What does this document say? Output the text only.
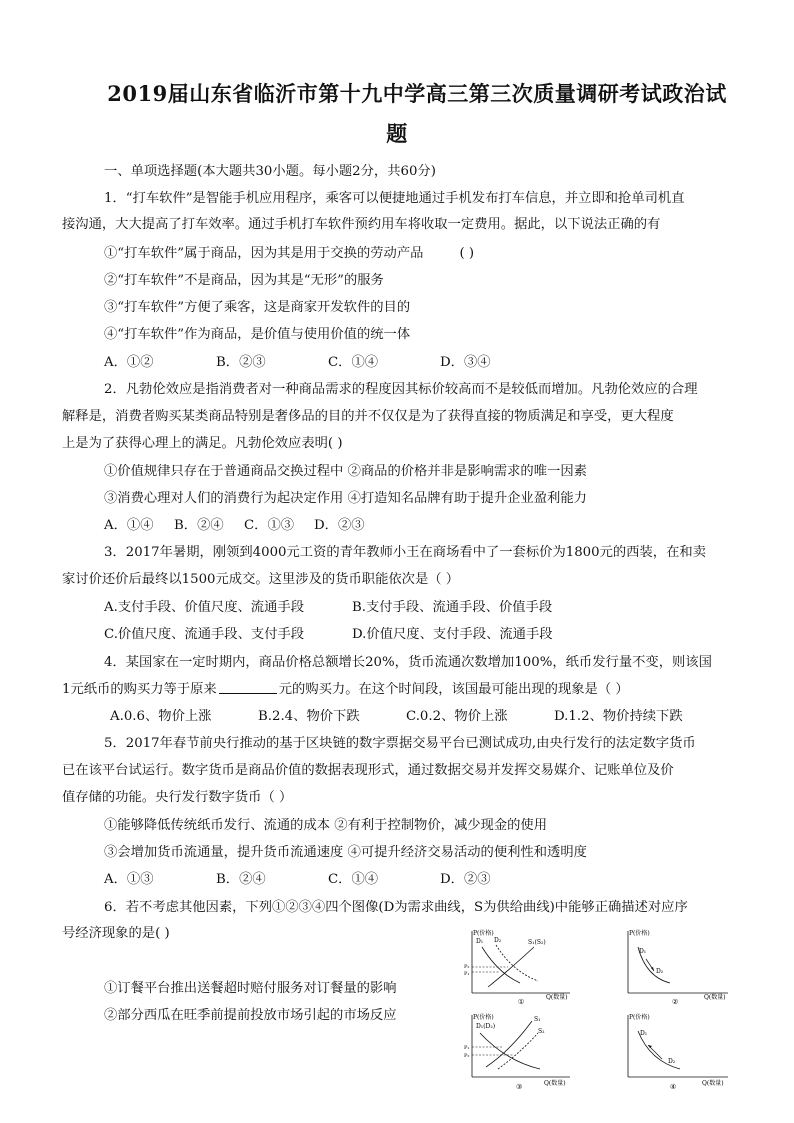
2019届山东省临沂市第十九中学高三第三次质量调研考试政治试
题
一、单项选择题(本大题共30小题。每小题2分，共60分)
1．“打车软件”是智能手机应用程序，乘客可以便捷地通过手机发布打车信息，并立即和抢单司机直
接沟通，大大提高了打车效率。通过手机打车软件预约用车将收取一定费用。据此，以下说法正确的有
①“打车软件”属于商品，因为其是用于交换的劳动产品	( )
②“打车软件”不是商品，因为其是“无形”的服务
③“打车软件”方便了乘客，这是商家开发软件的目的
④“打车软件”作为商品，是价值与使用价值的统一体
A．①②	B．②③	C．①④	D．③④
2．凡勃伦效应是指消费者对一种商品需求的程度因其标价较高而不是较低而增加。凡勃伦效应的合理
解释是，消费者购买某类商品特别是奢侈品的目的并不仅仅是为了获得直接的物质满足和享受，更大程度
上是为了获得心理上的满足。凡勃伦效应表明( )
①价值规律只存在于普通商品交换过程中 ②商品的价格并非是影响需求的唯一因素
③消费心理对人们的消费行为起决定作用 ④打造知名品牌有助于提升企业盈利能力
A．①④ B．②④ C．①③ D．②③
3．2017年暑期，刚领到4000元工资的青年教师小王在商场看中了一套标价为1800元的西装，在和卖
家讨价还价后最终以1500元成交。这里涉及的货币职能依次是（ ）
A.支付手段、价值尺度、流通手段	B.支付手段、流通手段、价值手段
C.价值尺度、流通手段、支付手段	D.价值尺度、支付手段、流通手段
4．某国家在一定时期内，商品价格总额增长20%，货币流通次数增加100%，纸币发行量不变，则该国
1元纸币的购买力等于原来	元的购买力。在这个时间段，该国最可能出现的现象是（ ）
A.0.6、物价上涨	B.2.4、物价下跌	C.0.2、物价上涨	D.1.2、物价持续下跌
5．2017年春节前央行推动的基于区块链的数字票据交易平台已测试成功,由央行发行的法定数字货币
已在该平台试运行。数字货币是商品价值的数据表现形式，通过数据交易并发挥交易媒介、记账单位及价
值存储的功能。央行发行数字货币（ ）
①能够降低传统纸币发行、流通的成本 ②有利于控制物价，减少现金的使用
③会增加货币流通量，提升货币流通速度 ④可提升经济交易活动的便利性和透明度
A．①③	B．②④	C．①④	D．②③
6．若不考虑其他因素，下列①②③④四个图像(D为需求曲线，S为供给曲线)中能够正确描述对应序
号经济现象的是( )
①订餐平台推出送餐超时赔付服务对订餐量的影响
②部分西瓜在旺季前提前投放市场引起的市场反应
P(价格)
Q(数量)
D₁ D₂	S₁(S₂)
P₂
P₁
①
P(价格)
Q(数量)
D₁
D₂
②
P(价格)
Q(数量)
D₁(D₂)
S₁
S₂
P₁
P₂
③
P(价格)
Q(数量)
D₁
D₂
④
